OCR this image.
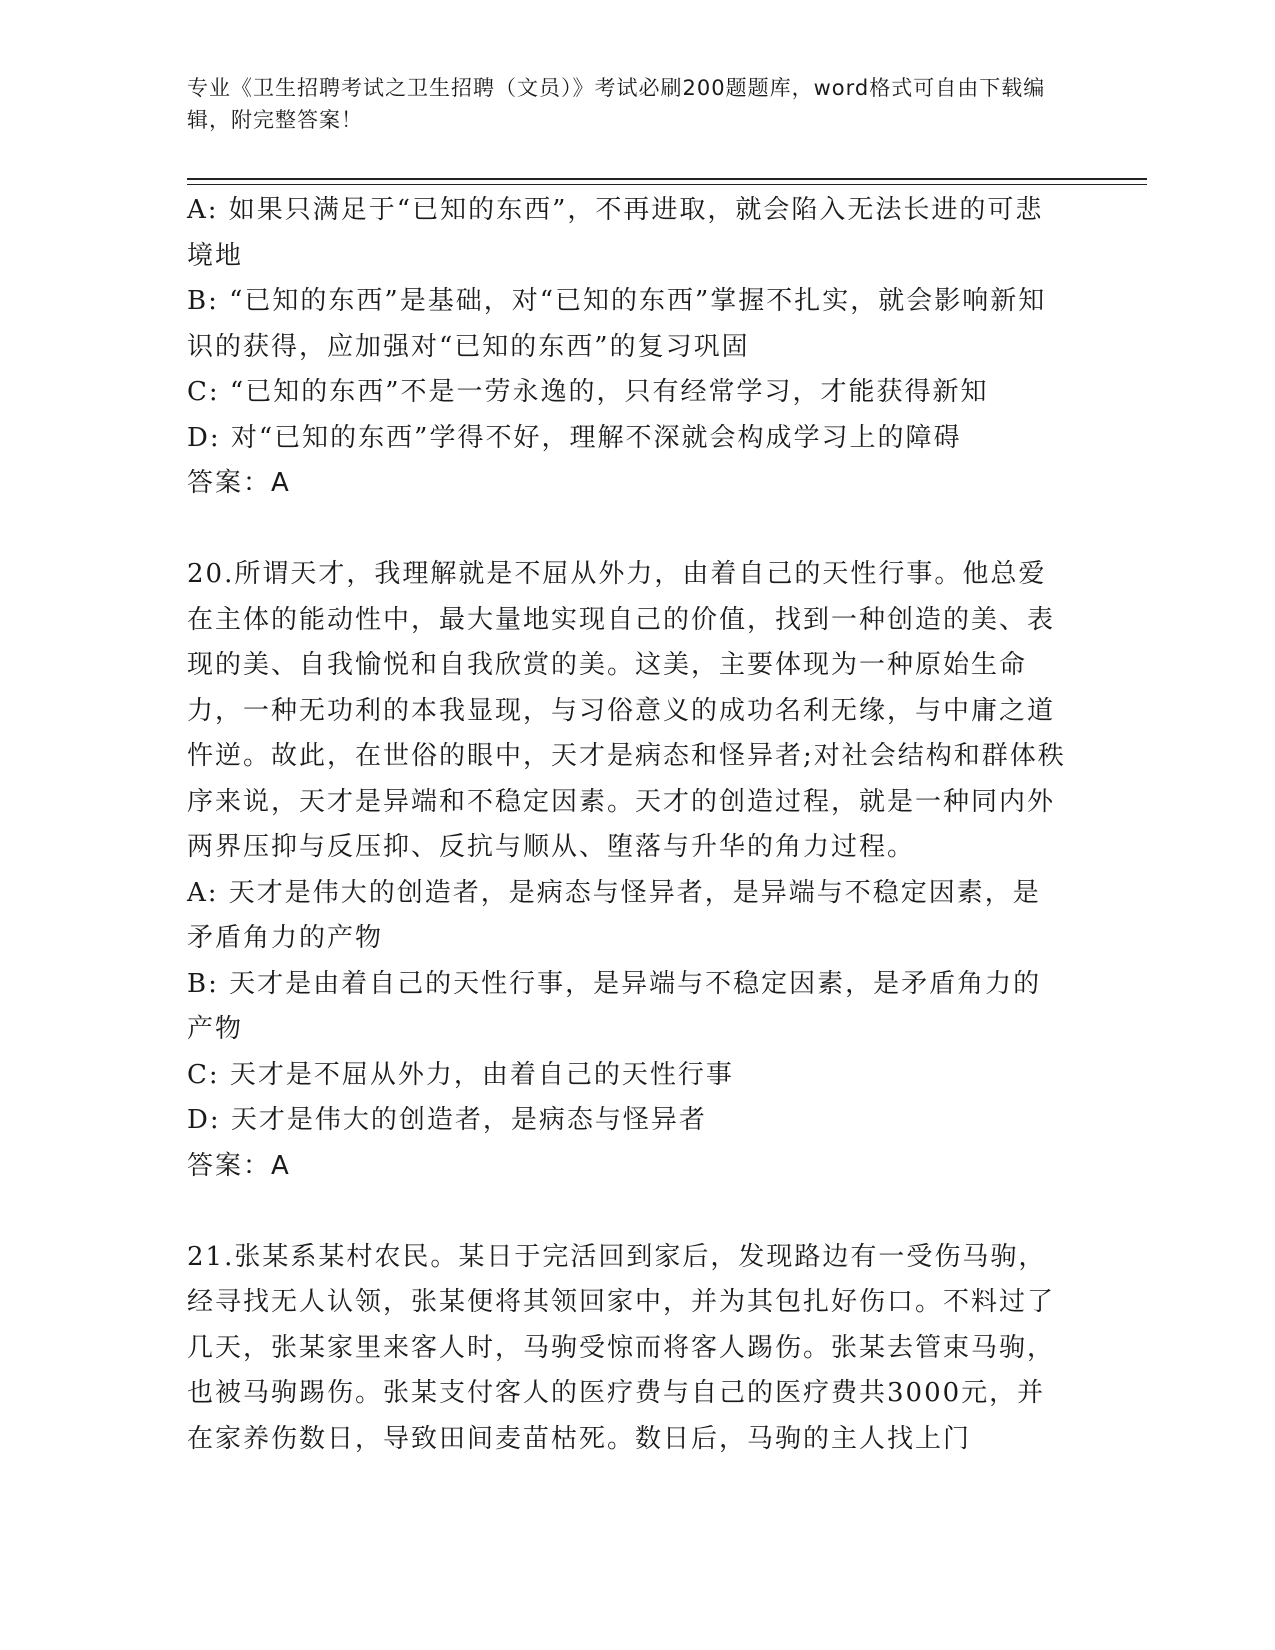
专业《卫生招聘考试之卫生招聘（文员）》考试必刷200题题库，word格式可自由下载编辑，附完整答案！

A: 如果只满足于“已知的东西”，不再进取，就会陷入无法长进的可悲境地

B: “已知的东西”是基础，对“已知的东西”掌握不扎实，就会影响新知识的获得，应加强对“已知的东西”的复习巩固

C: “已知的东西”不是一劳永逸的，只有经常学习，才能获得新知

D: 对“已知的东西”学得不好，理解不深就会构成学习上的障碍

答案：A

20.所谓天才，我理解就是不屈从外力，由着自己的天性行事。他总爱在主体的能动性中，最大量地实现自己的价值，找到一种创造的美、表现的美、自我愉悦和自我欣赏的美。这美，主要体现为一种原始生命力，一种无功利的本我显现，与习俗意义的成功名利无缘，与中庸之道忤逆。故此，在世俗的眼中，天才是病态和怪异者;对社会结构和群体秩序来说，天才是异端和不稳定因素。天才的创造过程，就是一种同内外两界压抑与反压抑、反抗与顺从、堕落与升华的角力过程。

A: 天才是伟大的创造者，是病态与怪异者，是异端与不稳定因素，是矛盾角力的产物

B: 天才是由着自己的天性行事，是异端与不稳定因素，是矛盾角力的产物

C: 天才是不屈从外力，由着自己的天性行事

D: 天才是伟大的创造者，是病态与怪异者

答案：A

21.张某系某村农民。某日于完活回到家后，发现路边有一受伤马驹，经寻找无人认领，张某便将其领回家中，并为其包扎好伤口。不料过了几天，张某家里来客人时，马驹受惊而将客人踢伤。张某去管束马驹，也被马驹踢伤。张某支付客人的医疗费与自己的医疗费共3000元，并在家养伤数日，导致田间麦苗枯死。数日后，马驹的主人找上门
